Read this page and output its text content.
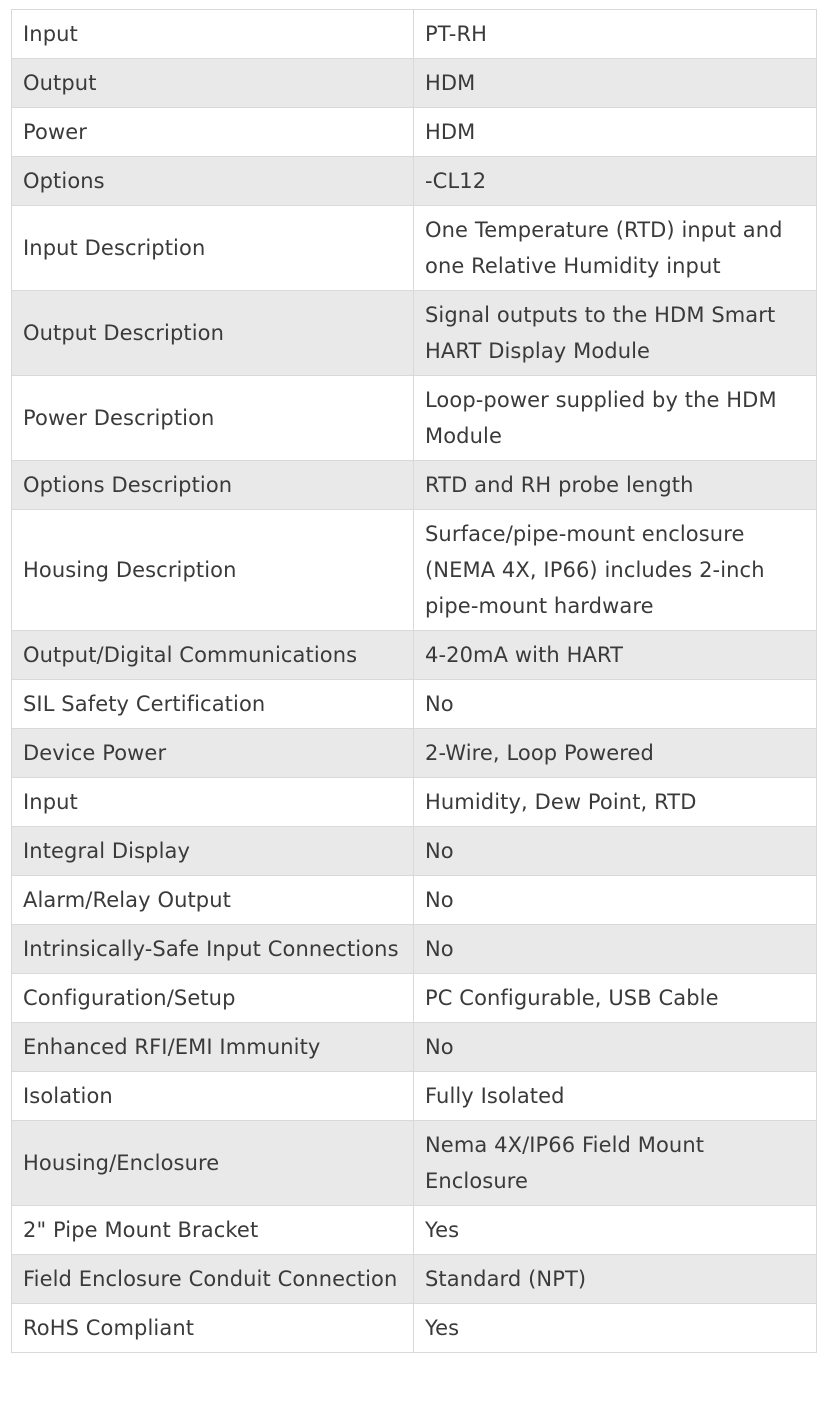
Input	PT-RH
Output	HDM
Power	HDM
Options	-CL12
Input Description	One Temperature (RTD) input and one Relative Humidity input
Output Description	Signal outputs to the HDM Smart HART Display Module
Power Description	Loop-power supplied by the HDM Module
Options Description	RTD and RH probe length
Housing Description	Surface/pipe-mount enclosure (NEMA 4X, IP66) includes 2-inch pipe-mount hardware
Output/Digital Communications	4-20mA with HART
SIL Safety Certification	No
Device Power	2-Wire, Loop Powered
Input	Humidity, Dew Point, RTD
Integral Display	No
Alarm/Relay Output	No
Intrinsically-Safe Input Connections	No
Configuration/Setup	PC Configurable, USB Cable
Enhanced RFI/EMI Immunity	No
Isolation	Fully Isolated
Housing/Enclosure	Nema 4X/IP66 Field Mount Enclosure
2" Pipe Mount Bracket	Yes
Field Enclosure Conduit Connection	Standard (NPT)
RoHS Compliant	Yes
